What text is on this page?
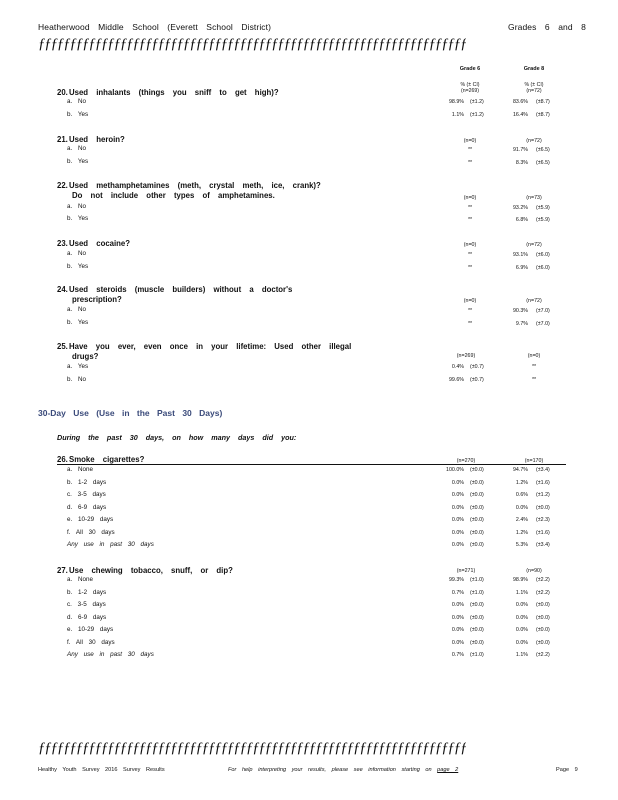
Heatherwood Middle School (Everett School District)	Grades 6 and 8
ƒƒƒƒƒƒƒƒƒƒƒƒƒƒƒƒƒƒƒƒƒƒƒƒƒƒƒƒƒƒƒƒƒƒƒƒƒƒƒƒƒƒƒƒƒƒƒƒƒƒƒƒƒƒƒƒƒƒƒƒƒƒƒƒƒƒƒƒ
Grade 6	Grade 8
% (± CI)	% (± CI)
(n=269)	(n=72)
20.Used inhalants (things you sniff to get high)?
a. No	98.9% (±1.2)	83.6% (±8.7)
b. Yes	1.1% (±1.2)	16.4% (±8.7)
21.Used heroin?	(n=0)	(n=72)
a. No	**	91.7% (±6.5)
b. Yes	**	8.3% (±6.5)
22.Used methamphetamines (meth, crystal meth, ice, crank)?
Do not include other types of amphetamines.	(n=0)	(n=73)
a. No	**	93.2% (±5.9)
b. Yes	**	6.8% (±5.9)
23.Used cocaine?	(n=0)	(n=72)
a. No	**	93.1% (±6.0)
b. Yes	**	6.9% (±6.0)
24.Used steroids (muscle builders) without a doctor's
prescription?	(n=0)	(n=72)
a. No	**	90.3% (±7.0)
b. Yes	**	9.7% (±7.0)
25.Have you ever, even once in your lifetime: Used other illegal
drugs?	(n=269)	(n=0)
a. Yes	0.4% (±0.7)	**
b. No	99.6% (±0.7)	**
30-Day Use (Use in the Past 30 Days)
During the past 30 days, on how many days did you:
26.Smoke cigarettes?	(n=270)	(n=170)
a. None	100.0% (±0.0)	94.7% (±3.4)
b. 1-2 days	0.0% (±0.0)	1.2% (±1.6)
c. 3-5 days	0.0% (±0.0)	0.6% (±1.2)
d. 6-9 days	0.0% (±0.0)	0.0% (±0.0)
e. 10-29 days	0.0% (±0.0)	2.4% (±2.3)
f. All 30 days	0.0% (±0.0)	1.2% (±1.6)
Any use in past 30 days	0.0% (±0.0)	5.3% (±3.4)
27.Use chewing tobacco, snuff, or dip?	(n=271)	(n=90)
a. None	99.3% (±1.0)	98.9% (±2.2)
b. 1-2 days	0.7% (±1.0)	1.1% (±2.2)
c. 3-5 days	0.0% (±0.0)	0.0% (±0.0)
d. 6-9 days	0.0% (±0.0)	0.0% (±0.0)
e. 10-29 days	0.0% (±0.0)	0.0% (±0.0)
f. All 30 days	0.0% (±0.0)	0.0% (±0.0)
Any use in past 30 days	0.7% (±1.0)	1.1% (±2.2)
ƒƒƒƒƒƒƒƒƒƒƒƒƒƒƒƒƒƒƒƒƒƒƒƒƒƒƒƒƒƒƒƒƒƒƒƒƒƒƒƒƒƒƒƒƒƒƒƒƒƒƒƒƒƒƒƒƒƒƒƒƒƒƒƒƒƒƒƒ
Healthy Youth Survey 2016 Survey Results	For help interpreting your results, please see information starting on page 2	Page 9
